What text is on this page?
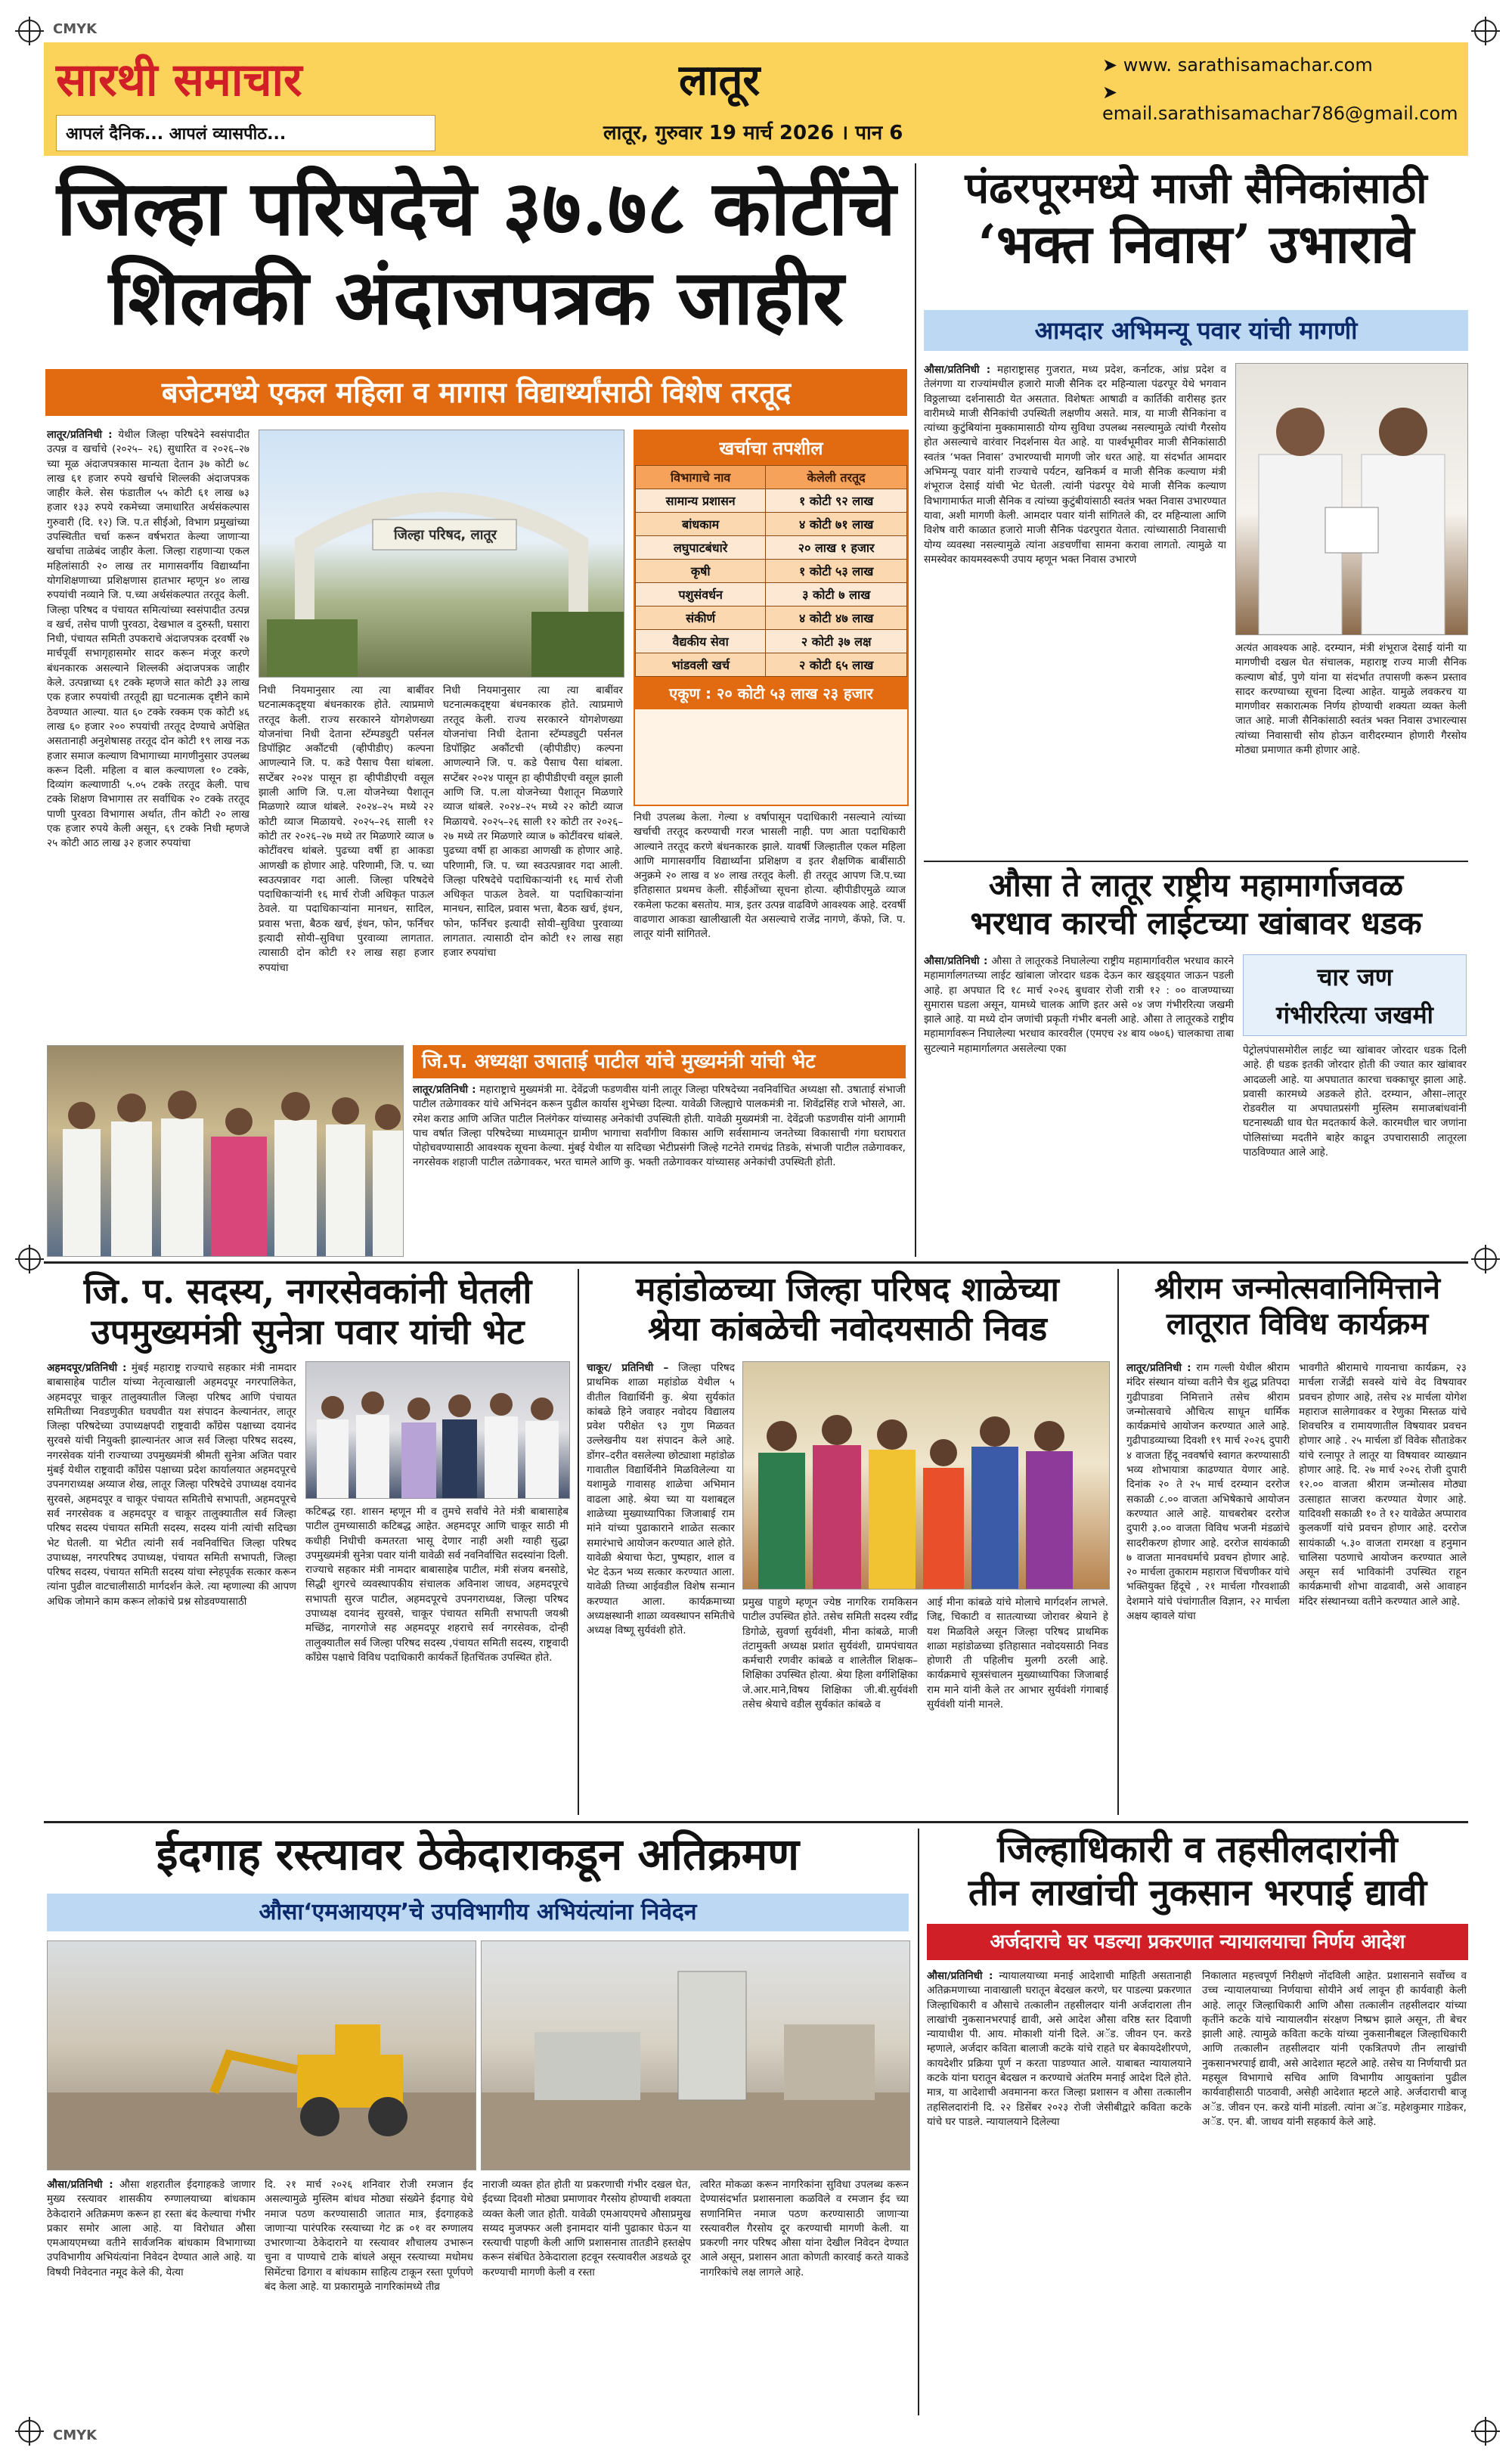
CMYK
CMYK
सारथी समाचार
आपलं दैनिक... आपलं व्यासपीठ...
लातूर
लातूर, गुरुवार 19 मार्च 2026 । पान 6
➤ www. sarathisamachar.com
➤ email.sarathisamachar786@gmail.com
जिल्हा परिषदेचे ३७.७८ कोटींचे
शिलकी अंदाजपत्रक जाहीर
बजेटमध्ये एकल महिला व मागास विद्यार्थ्यांसाठी विशेष तरतूद
लातूर/प्रतिनिधी : येथील जिल्हा परिषदेने स्वसंपादीत उत्पन्न व खर्चाचे (२०२५– २६) सुधारित व २०२६–२७ च्या मूळ अंदाजपत्रकास मान्यता देतान ३७ कोटी ७८ लाख ६१ हजार रुपये खर्चाचे शिल्लकी अंदाजपत्रक जाहीर केले. सेस फंडातील ५५ कोटी ६१ लाख ७३ हजार १३३ रुपये रकमेच्या जमाधारित अर्थसंकल्पास गुरुवारी (दि. १२) जि. प.त सीईओ, विभाग प्रमुखांच्या उपस्थितीत चर्चा करून वर्षभरात केल्या जाणाऱ्या खर्चाचा ताळेबंद जाहीर केला. जिल्हा राहणाऱ्या एकल महिलांसाठी २० लाख तर मागासवर्गीय विद्यार्थ्यांना योगशिक्षणाच्या प्रशिक्षणास हातभार म्हणून ४० लाख रुपयांची नव्याने जि. प.च्या अर्थसंकल्पात तरतूद केली. जिल्हा परिषद व पंचायत समित्यांच्या स्वसंपादीत उत्पन्न व खर्च, तसेच पाणी पुरवठा, देखभाल व दुरुस्ती, घसारा निधी, पंचायत समिती उपकराचे अंदाजपत्रक दरवर्षी २७ मार्चपूर्वी सभागृहासमोर सादर करून मंजूर करणे बंधनकारक असल्याने शिल्लकी अंदाजपत्रक जाहीर केले. उत्पन्नाच्या ६१ टक्के म्हणजे सात कोटी ३३ लाख एक हजार रुपयांची तरतूदी ह्या घटनात्मक दृष्टीने कामे ठेवण्यात आल्या. यात ६० टक्के रक्कम एक कोटी ४६ लाख ६० हजार २०० रुपयांची तरतूद देण्याचे अपेक्षित असतानाही अनुशेषासह तरतूद दोन कोटी १९ लाख नऊ हजार समाज कल्याण विभागाच्या मागणीनुसार उपलब्ध करून दिली. महिला व बाल कल्याणला १० टक्के, दिव्यांग कल्याणाठी ५.०५ टक्के तरतूद केली. पाच टक्के शिक्षण विभागास तर सर्वाधिक २० टक्के तरतूद पाणी पुरवठा विभागास अर्थात, तीन कोटी २० लाख एक हजार रुपये केली असून, ६९ टक्के निधी म्हणजे २५ कोटी आठ लाख ३२ हजार रुपयांचा
जिल्हा परिषद, लातूर
निधी नियमानुसार त्या त्या बाबींवर घटनात्मकदृष्ट्या बंधनकारक होते. त्याप्रमाणे तरतूद केली. राज्य सरकारने योगशेणख्या योजनांचा निधी देताना स्टॅम्पड्युटी पर्सनल डिपॉझिट अकौंटची (व्हीपीडीए) कल्पना आणल्याने जि. प. कडे पैसाच पैसा थांबला. सप्टेंबर २०२४ पासून हा व्हीपीडीएची वसूल झाली आणि जि. प.ला योजनेच्या पैशातून मिळणारे व्याज थांबले. २०२४–२५ मध्ये २२ कोटी व्याज मिळायचे. २०२५–२६ साली १२ कोटी तर २०२६–२७ मध्ये तर मिळणारे व्याज ७ कोटींवरच थांबले. पुढच्या वर्षी हा आकडा आणखी क होणार आहे. परिणामी, जि. प. च्या स्वउत्पन्नावर गदा आली. जिल्हा परिषदेचे पदाधिकाऱ्यांनी १६ मार्च रोजी अधिकृत पाऊल ठेवले. या पदाधिकाऱ्यांना मानधन, सादिल, प्रवास भत्ता, बैठक खर्च, इंधन, फोन, फर्निचर इत्यादी सोयी–सुविधा पुरवाव्या लागतात. त्यासाठी दोन कोटी १२ लाख सहा हजार रुपयांचा
निधी नियमानुसार त्या त्या बाबींवर घटनात्मकदृष्ट्या बंधनकारक होते. त्याप्रमाणे तरतूद केली. राज्य सरकारने योगशेणख्या योजनांचा निधी देताना स्टॅम्पड्युटी पर्सनल डिपॉझिट अकौंटची (व्हीपीडीए) कल्पना आणल्याने जि. प. कडे पैसाच पैसा थांबला. सप्टेंबर २०२४ पासून हा व्हीपीडीएची वसूल झाली आणि जि. प.ला योजनेच्या पैशातून मिळणारे व्याज थांबले. २०२४–२५ मध्ये २२ कोटी व्याज मिळायचे. २०२५–२६ साली १२ कोटी तर २०२६–२७ मध्ये तर मिळणारे व्याज ७ कोटींवरच थांबले. पुढच्या वर्षी हा आकडा आणखी क होणार आहे. परिणामी, जि. प. च्या स्वउत्पन्नावर गदा आली. जिल्हा परिषदेचे पदाधिकाऱ्यांनी १६ मार्च रोजी अधिकृत पाऊल ठेवले. या पदाधिकाऱ्यांना मानधन, सादिल, प्रवास भत्ता, बैठक खर्च, इंधन, फोन, फर्निचर इत्यादी सोयी–सुविधा पुरवाव्या लागतात. त्यासाठी दोन कोटी १२ लाख सहा हजार रुपयांचा
खर्चाचा तपशील
विभागाचे नाव	केलेली तरतूद
सामान्य प्रशासन	१ कोटी ९२ लाख
बांधकाम	४ कोटी ७१ लाख
लघुपाटबंधारे	२० लाख १ हजार
कृषी	१ कोटी ५३ लाख
पशुसंवर्धन	३ कोटी ७ लाख
संकीर्ण	४ कोटी ४७ लाख
वैद्यकीय सेवा	२ कोटी ३७ लक्ष
भांडवली खर्च	२ कोटी ६५ लाख
एकूण : २० कोटी ५३ लाख २३ हजार
निधी उपलब्ध केला. गेल्या ४ वर्षापासून पदाधिकारी नसल्याने त्यांच्या खर्चाची तरतूद करण्याची गरज भासली नाही. पण आता पदाधिकारी आल्याने तरतूद करणे बंधनकारक झाले. यावर्षी जिल्हातील एकल महिला आणि मागासवर्गीय विद्यार्थ्यांना प्रशिक्षण व इतर शैक्षणिक बाबींसाठी अनुक्रमे २० लाख व ४० लाख तरतूद केली. ही तरतूद आपण जि.प.च्या इतिहासात प्रथमच केली. सीईओंच्या सूचना होत्या. व्हीपीडीएमुळे व्याज रकमेला फटका बसतोय. मात्र, इतर उत्पन्न वाढविणे आवश्यक आहे. दरवर्षी वाढणारा आकडा खालीखाली येत असल्याचे राजेंद्र नागणे, कॅफो, जि. प. लातूर यांनी सांगितले.
जि.प. अध्यक्षा उषाताई पाटील यांचे मुख्यमंत्री यांची भेट
लातूर/प्रतिनिधी : महाराष्ट्राचे मुख्यमंत्री मा. देवेंद्रजी फडणवीस यांनी लातूर जिल्हा परिषदेच्या नवनिर्वाचित अध्यक्षा सौ. उषाताई संभाजी पाटील तळेगावकर यांचे अभिनंदन करून पुढील कार्यास शुभेच्छा दिल्या. यावेळी जिल्ह्याचे पालकमंत्री ना. शिवेंद्रसिंह राजे भोसले, आ. रमेश कराड आणि अजित पाटील निलंगेकर यांच्यासह अनेकांची उपस्थिती होती. यावेळी मुख्यमंत्री ना. देवेंद्रजी फडणवीस यांनी आगामी पाच वर्षात जिल्हा परिषदेच्या माध्यमातून ग्रामीण भागाचा सर्वांगीण विकास आणि सर्वसामान्य जनतेच्या विकासाची गंगा घराघरात पोहोचवण्यासाठी आवश्यक सूचना केल्या. मुंबई येथील या सदिच्छा भेटीप्रसंगी जिल्हे गटनेते रामचंद्र तिडके, संभाजी पाटील तळेगावकर, नगरसेवक शहाजी पाटील तळेगावकर, भरत चामले आणि कु. भक्ती तळेगावकर यांच्यासह अनेकांची उपस्थिती होती.
पंढरपूरमध्ये माजी सैनिकांसाठी
‘भक्त निवास’ उभारावे
आमदार अभिमन्यू पवार यांची मागणी
औसा/प्रतिनिधी : महाराष्ट्रासह गुजरात, मध्य प्रदेश, कर्नाटक, आंध्र प्रदेश व तेलंगणा या राज्यांमधील हजारो माजी सैनिक दर महिन्याला पंढरपूर येथे भगवान विठ्ठलाच्या दर्शनासाठी येत असतात. विशेषतः आषाढी व कार्तिकी वारीसह इतर वारीमध्ये माजी सैनिकांची उपस्थिती लक्षणीय असते. मात्र, या माजी सैनिकांना व त्यांच्या कुटुंबियांना मुक्कामासाठी योग्य सुविधा उपलब्ध नसल्यामुळे त्यांची गैरसोय होत असल्याचे वारंवार निदर्शनास येत आहे. या पार्श्वभूमीवर माजी सैनिकांसाठी स्वतंत्र ‘भक्त निवास’ उभारण्याची मागणी जोर धरत आहे. या संदर्भात आमदार अभिमन्यू पवार यांनी राज्याचे पर्यटन, खनिकर्म व माजी सैनिक कल्याण मंत्री शंभूराज देसाई यांची भेट घेतली. त्यांनी पंढरपूर येथे माजी सैनिक कल्याण विभागामार्फत माजी सैनिक व त्यांच्या कुटुंबीयांसाठी स्वतंत्र भक्त निवास उभारण्यात यावा, अशी मागणी केली. आमदार पवार यांनी सांगितले की, दर महिन्याला आणि विशेष वारी काळात हजारो माजी सैनिक पंढरपुरात येतात. त्यांच्यासाठी निवासाची योग्य व्यवस्था नसल्यामुळे त्यांना अडचणींचा सामना करावा लागतो. त्यामुळे या समस्येवर कायमस्वरूपी उपाय म्हणून भक्त निवास उभारणे
अत्यंत आवश्यक आहे. दरम्यान, मंत्री शंभूराज देसाई यांनी या मागणीची दखल घेत संचालक, महाराष्ट्र राज्य माजी सैनिक कल्याण बोर्ड, पुणे यांना या संदर्भात तपासणी करून प्रस्ताव सादर करण्याच्या सूचना दिल्या आहेत. यामुळे लवकरच या मागणीवर सकारात्मक निर्णय होण्याची शक्यता व्यक्त केली जात आहे. माजी सैनिकांसाठी स्वतंत्र भक्त निवास उभारल्यास त्यांच्या निवासाची सोय होऊन वारीदरम्यान होणारी गैरसोय मोठ्या प्रमाणात कमी होणार आहे.
औसा ते लातूर राष्ट्रीय महामार्गाजवळ
भरधाव कारची लाईटच्या खांबावर धडक
औसा/प्रतिनिधी : औसा ते लातूरकडे निघालेल्या राष्ट्रीय महामार्गावरील भरधाव कारने महामार्गालगतच्या लाईट खांबाला जोरदार धडक देऊन कार खड्ड्यात जाऊन पडली आहे. हा अपघात दि १८ मार्च २०२६ बुधवार रोजी रात्री १२ : ०० वाजण्याच्या सुमारास घडला असून, यामध्ये चालक आणि इतर असे ०४ जण गंभीररित्या जखमी झाले आहे. या मध्ये दोन जणांची प्रकृती गंभीर बनली आहे. औसा ते लातूरकडे राष्ट्रीय महामार्गावरून निघालेल्या भरधाव कारवरील (एमएच २४ बाय ०७०६) चालकाचा ताबा सुटल्याने महामार्गालगत असलेल्या एका
चार जण
गंभीररित्या जखमी
पेट्रोलपंपासमोरील लाईट च्या खांबावर जोरदार धडक दिली आहे. ही धडक इतकी जोरदार होती की ज्यात कार खांबावर आदळली आहे. या अपघातात कारचा चक्काचूर झाला आहे. प्रवासी कारमध्ये अडकले होते. दरम्यान, औसा–लातूर रोडवरील या अपघातप्रसंगी मुस्लिम समाजबांधवांनी घटनास्थळी धाव घेत मदतकार्य केले. कारमधील चार जणांना पोलिसांच्या मदतीने बाहेर काढून उपचारासाठी लातूरला पाठविण्यात आले आहे.
जि. प. सदस्य, नगरसेवकांनी घेतली
उपमुख्यमंत्री सुनेत्रा पवार यांची भेट
अहमदपूर/प्रतिनिधी : मुंबई महाराष्ट्र राज्याचे सहकार मंत्री नामदार बाबासाहेब पाटील यांच्या नेतृत्वाखाली अहमदपूर नगरपालिकेत, अहमदपूर चाकूर तालुक्यातील जिल्हा परिषद आणि पंचायत समितीच्या निवडणुकीत घवघवीत यश संपादन केल्यानंतर, लातूर जिल्हा परिषदेच्या उपाध्यक्षपदी राष्ट्रवादी काँग्रेस पक्षाच्या दयानंद सुरवसे यांची नियुक्ती झाल्यानंतर आज सर्व जिल्हा परिषद सदस्य, नगरसेवक यांनी राज्याच्या उपमुख्यमंत्री श्रीमती सुनेत्रा अजित पवार मुंबई येथील राष्ट्रवादी काँग्रेस पक्षाच्या प्रदेश कार्यालयात अहमदपूरचे उपनगराध्यक्ष अय्याज शेख, लातूर जिल्हा परिषदेचे उपाध्यक्ष दयानंद सुरवसे, अहमदपूर व चाकूर पंचायत समितीचे सभापती, अहमदपूरचे सर्व नगरसेवक व अहमदपूर व चाकूर तालुक्यातील सर्व जिल्हा परिषद सदस्य पंचायत समिती सदस्य, सदस्य यांनी त्यांची सदिच्छा भेट घेतली. या भेटीत त्यांनी सर्व नवनिर्वाचित जिल्हा परिषद उपाध्यक्ष, नगरपरिषद उपाध्यक्ष, पंचायत समिती सभापती, जिल्हा परिषद सदस्य, पंचायत समिती सदस्य यांचा स्नेहपूर्वक सत्कार करून त्यांना पुढील वाटचालीसाठी मार्गदर्शन केले. त्या म्हणाल्या की आपण अधिक जोमाने काम करून लोकांचे प्रश्न सोडवण्यासाठी
कटिबद्ध रहा. शासन म्हणून मी व तुमचे सर्वांचे नेते मंत्री बाबासाहेब पाटील तुमच्यासाठी कटिबद्ध आहेत. अहमदपूर आणि चाकूर साठी मी कधीही निधीची कमतरता भासू देणार नाही अशी ग्वाही सुद्धा उपमुख्यमंत्री सुनेत्रा पवार यांनी यावेळी सर्व नवनिर्वाचित सदस्यांना दिली. राज्याचे सहकार मंत्री नामदार बाबासाहेब पाटील, मंत्री संजय बनसोडे, सिद्धी शुगरचे व्यवस्थापकीय संचालक अविनाश जाधव, अहमदपूरचे सभापती सुरज पाटील, अहमदपूरचे उपनगराध्यक्ष, जिल्हा परिषद उपाध्यक्ष दयानंद सुरवसे, चाकूर पंचायत समिती सभापती जयश्री मच्छिंद्र, नागरगोजे सह अहमदपूर शहराचे सर्व नगरसेवक, दोन्ही तालुक्यातील सर्व जिल्हा परिषद सदस्य ,पंचायत समिती सदस्य, राष्ट्रवादी काँग्रेस पक्षाचे विविध पदाधिकारी कार्यकर्ते हितचिंतक उपस्थित होते.
महांडोळच्या जिल्हा परिषद शाळेच्या
श्रेया कांबळेची नवोदयसाठी निवड
चाकूर/ प्रतिनिधी – जिल्हा परिषद प्राथमिक शाळा महांडोळ येथील ५ वीतील विद्यार्थिनी कु. श्रेया सुर्यकांत कांबळे हिने जवाहर नवोदय विद्यालय प्रवेश परीक्षेत ९३ गुण मिळवत उल्लेखनीय यश संपादन केले आहे. डोंगर–दरीत वसलेल्या छोट्याशा महांडोळ गावातील विद्यार्थिनीने मिळविलेल्या या यशामुळे गावासह शाळेचा अभिमान वाढला आहे. श्रेया च्या या यशाबद्दल शाळेच्या मुख्याध्यापिका जिजाबाई राम मांने यांच्या पुढाकाराने शाळेत सत्कार समारंभाचे आयोजन करण्यात आले होते. यावेळी श्रेयाचा फेटा, पुष्पहार, शाल व भेट देऊन भव्य सत्कार करण्यात आला. यावेळी तिच्या आईवडील विशेष सन्मान करण्यात आला. कार्यक्रमाच्या अध्यक्षस्थानी शाळा व्यवस्थापन समितीचे अध्यक्ष विष्णू सुर्यवंशी होते.
प्रमुख पाहुणे म्हणून ज्येष्ठ नागरिक रामकिसन पाटील उपस्थित होते. तसेच समिती सदस्य रवींद्र डिगोळे, सुवर्णा सुर्यवंशी, मीना कांबळे, माजी तंटामुक्ती अध्यक्ष प्रशांत सुर्यवंशी, ग्रामपंचायत कर्मचारी रणवीर कांबळे व शालेतील शिक्षक–शिक्षिका उपस्थित होत्या. श्रेया हिला वर्गशिक्षिका जे.आर.माने,विषय शिक्षिका जी.बी.सुर्यवंशी तसेच श्रेयाचे वडील सुर्यकांत कांबळे व
आई मीना कांबळे यांचे मोलाचे मार्गदर्शन लाभले. जिद्द, चिकाटी व सातत्याच्या जोरावर श्रेयाने हे यश मिळविले असून जिल्हा परिषद प्राथमिक शाळा महांडोळच्या इतिहासात नवोदयसाठी निवड होणारी ती पहिलीच मुलगी ठरली आहे. कार्यक्रमाचे सूत्रसंचालन मुख्याध्यापिका जिजाबाई राम माने यांनी केले तर आभार सुर्यवंशी गंगाबाई सुर्यवंशी यांनी मानले.
श्रीराम जन्मोत्सवानिमित्ताने
लातूरात विविध कार्यक्रम
लातूर/प्रतिनिधी : राम गल्ली येथील श्रीराम मंदिर संस्थान यांच्या वतीने चैत्र शुद्ध प्रतिपदा गुढीपाडवा निमित्ताने तसेच श्रीराम जन्मोत्सवाचे औचित्य साधून धार्मिक कार्यक्रमांचे आयोजन करण्यात आले आहे. गुढीपाडव्याच्या दिवशी १९ मार्च २०२६ दुपारी ४ वाजता हिंदू नववर्षाचे स्वागत करण्यासाठी भव्य शोभायात्रा काढण्यात येणार आहे. दिनांक २० ते २५ मार्च दरम्यान दररोज सकाळी ८.०० वाजता अभिषेकाचे आयोजन करण्यात आले आहे. याचबरोबर दररोज दुपारी ३.०० वाजता विविध भजनी मंडळांचे सादरीकरण होणार आहे. दररोज सायंकाळी ७ वाजता मानवधर्माचे प्रवचन होणार आहे. २० मार्चला तुकाराम महाराज चिंचणीकर यांचे भक्तियुक्त हिंदूचे , २१ मार्चला गौरवशाळी देशमाने यांचे पंचांगातील विज्ञान, २२ मार्चला अक्षय व्हावले यांचा
भावगीते श्रीरामाचे गायनाचा कार्यक्रम, २३ मार्चला राजेंद्री सवस्वे यांचे वेद विषयावर प्रवचन होणार आहे, तसेच २४ मार्चला योगेश महाराज सालेगावकर व रेणुका मिस्तळ यांचे शिवचरित्र व रामायणातील विषयावर प्रवचन होणार आहे . २५ मार्चला डॉ विवेक सौताडेकर यांचे रत्नापूर ते लातूर या विषयावर व्याख्यान होणार आहे. दि. २७ मार्च २०२६ रोजी दुपारी १२.०० वाजता श्रीराम जन्मोत्सव मोठ्या उत्साहात साजरा करण्यात येणार आहे. यादिवशी सकाळी १० ते १२ यावेळेत अप्पाराव कुलकर्णी यांचे प्रवचन होणार आहे. दररोज सायंकाळी ५.३० वाजता रामरक्षा व हनुमान चालिसा पठणाचे आयोजन करण्यात आले असून सर्व भाविकांनी उपस्थित राहून कार्यक्रमाची शोभा वाढवावी, असे आवाहन मंदिर संस्थानच्या वतीने करण्यात आले आहे.
ईदगाह रस्त्यावर ठेकेदाराकडून अतिक्रमण
औसा‘एमआयएम’चे उपविभागीय अभियंत्यांना निवेदन
औसा/प्रतिनिधी : औसा शहरातील ईदगाहकडे जाणार मुख्य रस्त्यावर शासकीय रुग्णालयाच्या बांधकाम ठेकेदाराने अतिक्रमण करून हा रस्ता बंद केल्याचा गंभीर प्रकार समोर आला आहे. या विरोधात औसा एमआयएमच्या वतीने सार्वजनिक बांधकाम विभागाच्या उपविभागीय अभियंत्यांना निवेदन देण्यात आले आहे. या विषयी निवेदनात नमूद केले की, येत्या
दि. २१ मार्च २०२६ शनिवार रोजी रमजान ईद असल्यामुळे मुस्लिम बांधव मोठ्या संख्येने ईदगाह येथे नमाज पठण करण्यासाठी जातात मात्र, ईदगाहकडे जाणाऱ्या पारंपरिक रस्त्याच्या गेट क्र ०१ वर रुग्णालय उभारणाऱ्या ठेकेदाराने या रस्त्यावर शौचालय उभारून चुना व पाण्याचे टाके बांधले असून रस्त्याच्या मधोमध सिमेंटचा ढिगारा व बांधकाम साहित्य टाकून रस्ता पूर्णपणे बंद केला आहे. या प्रकारामुळे नागरिकांमध्ये तीव्र
नाराजी व्यक्त होत होती या प्रकरणाची गंभीर दखल घेत, ईदच्या दिवशी मोठ्या प्रमाणावर गैरसोय होण्याची शक्यता व्यक्त केली जात होती. यावेळी एमआयएमचे औसाप्रमुख सय्यद मुजफ्फर अली इनामदार यांनी पुढाकार घेऊन या रस्त्याची पाहणी केली आणि प्रशासनास तातडीने हस्तक्षेप करून संबंधित ठेकेदाराला हटवून रस्त्यावरील अडथळे दूर करण्याची मागणी केली व रस्ता
त्वरित मोकळा करून नागरिकांना सुविधा उपलब्ध करून देण्यासंदर्भात प्रशासनाला कळविले व रमजान ईद च्या सणानिमित्त नमाज पठण करण्यासाठी जाणाऱ्या रस्त्यावरील गैरसोय दूर करण्याची मागणी केली. या प्रकरणी नगर परिषद औसा यांना देखील निवेदन देण्यात आले असून, प्रशासन आता कोणती कारवाई करते याकडे नागरिकांचे लक्ष लागले आहे.
जिल्हाधिकारी व तहसीलदारांनी
तीन लाखांची नुकसान भरपाई द्यावी
अर्जदाराचे घर पडल्या प्रकरणात न्यायालयाचा निर्णय आदेश
औसा/प्रतिनिधी : न्यायालयाच्या मनाई आदेशाची माहिती असतानाही अतिक्रमणाच्या नावाखाली घरातून बेदखल करणे, घर पाडल्या प्रकरणात जिल्हाधिकारी व औसाचे तत्कालीन तहसीलदार यांनी अर्जदाराला तीन लाखांची नुकसानभरपाई द्यावी, असे आदेश औसा वरिष्ठ स्तर दिवाणी न्यायाधीश पी. आय. मोकाशी यांनी दिले. अॅड. जीवन एन. करडे म्हणाले, अर्जदार कविता बालाजी कटके यांचे राहते घर बेकायदेशीरपणे, कायदेशीर प्रक्रिया पूर्ण न करता पाडण्यात आले. याबाबत न्यायालयाने कटके यांना घरातून बेदखल न करण्याचे अंतरिम मनाई आदेश दिले होते. मात्र, या आदेशाची अवमानना करत जिल्हा प्रशासन व औसा तत्कालीन तहसिलदारांनी दि. २२ डिसेंबर २०२३ रोजी जेसीबीद्वारे कविता कटके यांचे घर पाडले. न्यायालयाने दिलेल्या
निकालात महत्त्वपूर्ण निरीक्षणे नोंदविली आहेत. प्रशासनाने सर्वोच्च व उच्च न्यायालयाच्या निर्णयाचा सोयीने अर्थ लावून ही कार्यवाही केली आहे. लातूर जिल्हाधिकारी आणि औसा तत्कालीन तहसीलदार यांच्या कृतींने कटके यांचे न्यायालयीन संरक्षण निष्प्रभ झाले असून, ती बेचर झाली आहे. त्यामुळे कविता कटके यांच्या नुकसानीबद्दल जिल्हाधिकारी आणि तत्कालीन तहसीलदार यांनी एकत्रितपणे तीन लाखांची नुकसानभरपाई द्यावी, असे आदेशात म्हटले आहे. तसेच या निर्णयाची प्रत महसूल विभागाचे सचिव आणि विभागीय आयुक्तांना पुढील कार्यवाहीसाठी पाठवावी, असेही आदेशात म्हटले आहे. अर्जदाराची बाजू अॅड. जीवन एन. करडे यांनी मांडली. त्यांना अॅड. महेशकुमार गाडेकर, अॅड. एन. बी. जाधव यांनी सहकार्य केले आहे.
